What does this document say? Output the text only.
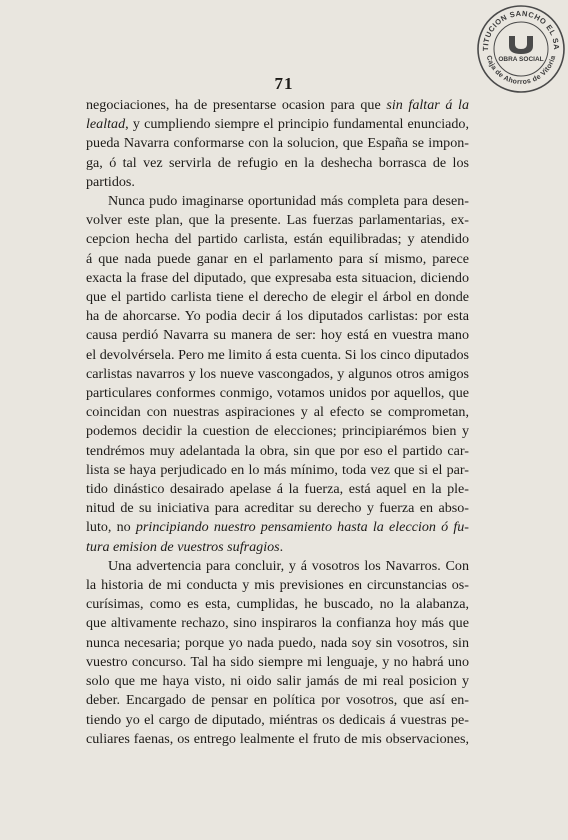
71
TITUCION SANCHO EL SA
Caja de Ahorros de Vitoria
OBRA SOCIAL
negociaciones, ha de presentarse ocasion para que sin faltar á la
lealtad, y cumpliendo siempre el principio fundamental enunciado,
pueda Navarra conformarse con la solucion, que España se impon-
ga, ó tal vez servirla de refugio en la deshecha borrasca de los
partidos.
Nunca pudo imaginarse oportunidad más completa para desen-
volver este plan, que la presente. Las fuerzas parlamentarias, ex-
cepcion hecha del partido carlista, están equilibradas; y atendido
á que nada puede ganar en el parlamento para sí mismo, parece
exacta la frase del diputado, que expresaba esta situacion, diciendo
que el partido carlista tiene el derecho de elegir el árbol en donde
ha de ahorcarse. Yo podia decir á los diputados carlistas: por esta
causa perdió Navarra su manera de ser: hoy está en vuestra mano
el devolvérsela. Pero me limito á esta cuenta. Si los cinco diputados
carlistas navarros y los nueve vascongados, y algunos otros amigos
particulares conformes conmigo, votamos unidos por aquellos, que
coincidan con nuestras aspiraciones y al efecto se comprometan,
podemos decidir la cuestion de elecciones; principiarémos bien y
tendrémos muy adelantada la obra, sin que por eso el partido car-
lista se haya perjudicado en lo más mínimo, toda vez que si el par-
tido dinástico desairado apelase á la fuerza, está aquel en la ple-
nitud de su iniciativa para acreditar su derecho y fuerza en abso-
luto, no principiando nuestro pensamiento hasta la eleccion ó fu-
tura emision de vuestros sufragios.
Una advertencia para concluir, y á vosotros los Navarros. Con
la historia de mi conducta y mis previsiones en circunstancias os-
curísimas, como es esta, cumplidas, he buscado, no la alabanza,
que altivamente rechazo, sino inspiraros la confianza hoy más que
nunca necesaria; porque yo nada puedo, nada soy sin vosotros, sin
vuestro concurso. Tal ha sido siempre mi lenguaje, y no habrá uno
solo que me haya visto, ni oido salir jamás de mi real posicion y
deber. Encargado de pensar en política por vosotros, que así en-
tiendo yo el cargo de diputado, miéntras os dedicais á vuestras pe-
culiares faenas, os entrego lealmente el fruto de mis observaciones,
